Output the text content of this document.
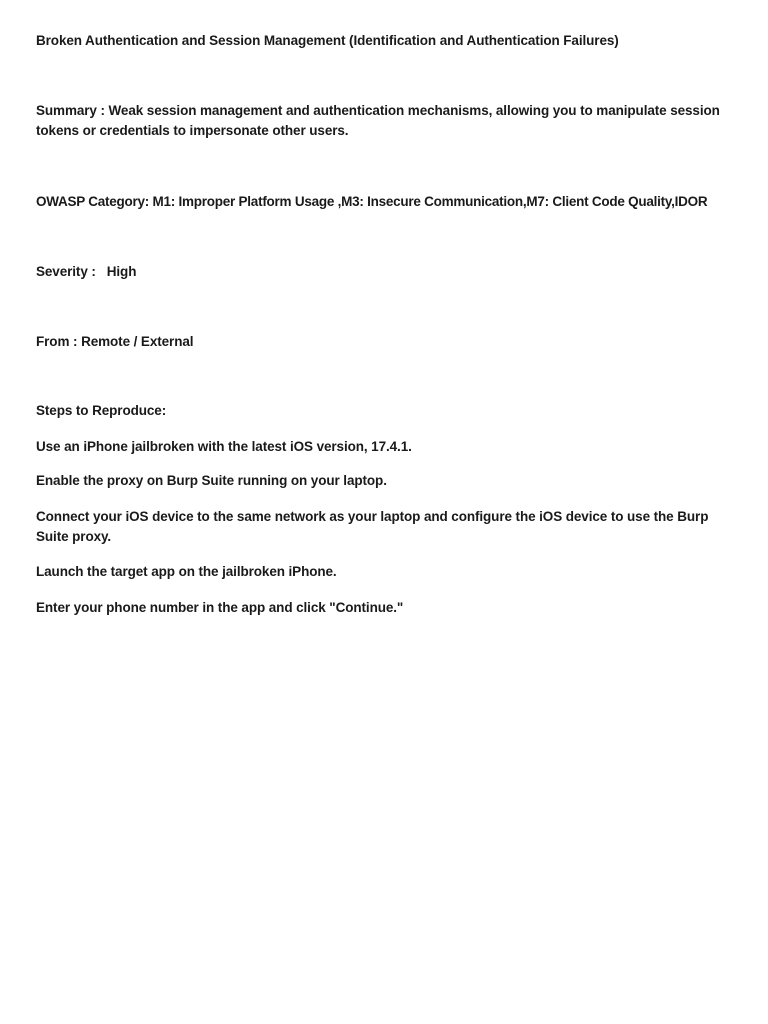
Broken Authentication and Session Management (Identification and Authentication Failures)
Summary : Weak session management and authentication mechanisms, allowing you to manipulate session tokens or credentials to impersonate other users.
OWASP Category: M1: Improper Platform Usage ,M3: Insecure Communication,M7: Client Code Quality,IDOR
Severity : High
From : Remote / External
Steps to Reproduce:
Use an iPhone jailbroken with the latest iOS version, 17.4.1.
Enable the proxy on Burp Suite running on your laptop.
Connect your iOS device to the same network as your laptop and configure the iOS device to use the Burp Suite proxy.
Launch the target app on the jailbroken iPhone.
Enter your phone number in the app and click "Continue."
